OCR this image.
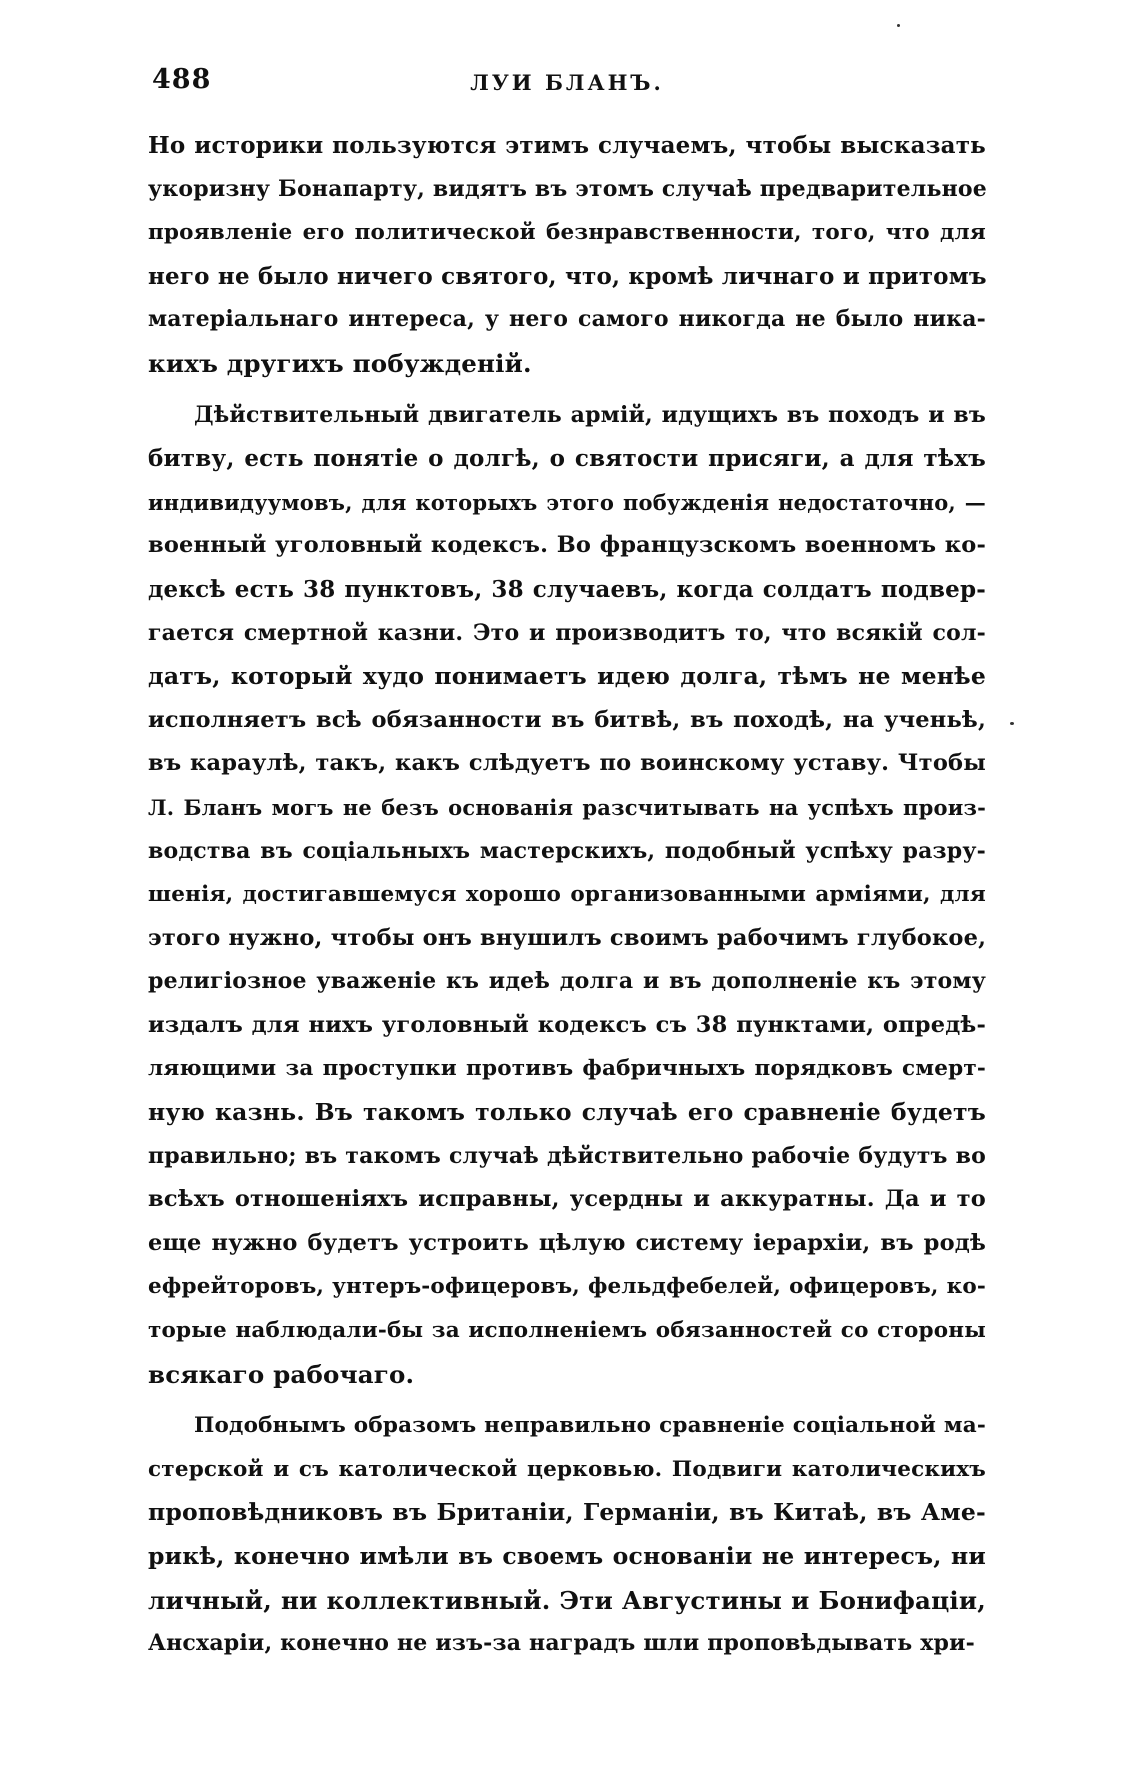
488	ЛУИ БЛАНЪ.
Но историки пользуются этимъ случаемъ, чтобы высказать
укоризну Бонапарту, видятъ въ этомъ случаѣ предварительное
проявленіе его политической безнравственности, того, что для
него не было ничего святого, что, кромѣ личнаго и притомъ
матеріальнаго интереса, у него самого никогда не было никa-
кихъ другихъ побужденій.
Дѣйствительный двигатель армій, идущихъ въ походъ и въ
битву, есть понятіе о долгѣ, о святости присяги, а для тѣхъ
индивидуумовъ, для которыхъ этого побужденія недостаточно, —
военный уголовный кодексъ. Во французскомъ военномъ ко-
дексѣ есть 38 пунктовъ, 38 случаевъ, когда солдатъ подвер-
гается смертной казни. Это и производитъ то, что всякій сол-
датъ, который худо понимаетъ идею долга, тѣмъ не менѣе
исполняетъ всѣ обязанности въ битвѣ, въ походѣ, на ученьѣ,
въ караулѣ, такъ, какъ слѣдуетъ по воинскому уставу. Чтобы
Л. Бланъ могъ не безъ основанія разсчитывать на успѣхъ произ-
водства въ соціальныхъ мастерскихъ, подобный успѣху разру-
шенія, достигавшемуся хорошо организованными арміями, для
этого нужно, чтобы онъ внушилъ своимъ рабочимъ глубокое,
религіозное уваженіе къ идеѣ долга и въ дополненіе къ этому
издалъ для нихъ уголовный кодексъ съ 38 пунктами, опредѣ-
ляющими за проступки противъ фабричныхъ порядковъ смерт-
ную казнь. Въ такомъ только случаѣ его сравненіе будетъ
правильно; въ такомъ случаѣ дѣйствительно рабочіе будутъ во
всѣхъ отношеніяхъ исправны, усердны и аккуратны. Да и то
еще нужно будетъ устроить цѣлую систему іерархіи, въ родѣ
ефрейторовъ, унтеръ-офицеровъ, фельдфебелей, офицеровъ, ко-
торые наблюдали-бы за исполненіемъ обязанностей со стороны
всякаго рабочаго.
Подобнымъ образомъ неправильно сравненіе соціальной ма-
стерской и съ католической церковью. Подвиги католическихъ
проповѣдниковъ въ Британіи, Германіи, въ Китаѣ, въ Аме-
рикѣ, конечно имѣли въ своемъ основаніи не интересъ, ни
личный, ни коллективный. Эти Августины и Бонифаціи,
Ансхаріи, конечно не изъ-за наградъ шли проповѣдывать хри-
